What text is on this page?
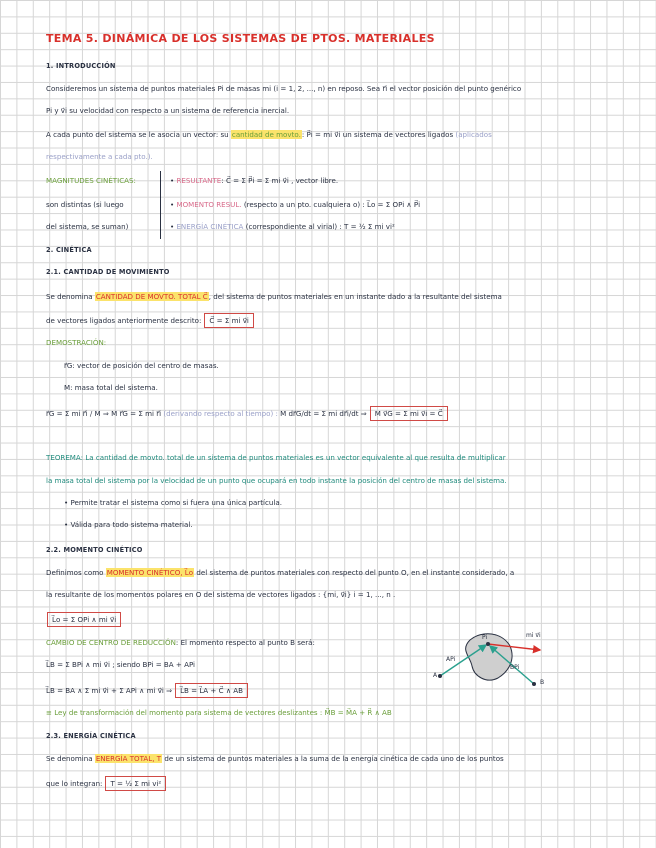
TEMA 5. DINÁMICA DE LOS SISTEMAS DE PTOS. MATERIALES
1. INTRODUCCIÓN
Consideremos un sistema de puntos materiales Pi de masas mi (i = 1, 2, ..., n) en reposo. Sea r⃗i el vector posición del punto genérico
Pi y v⃗i su velocidad con respecto a un sistema de referencia inercial.
A cada punto del sistema se le asocia un vector: su cantidad de movto.: P⃗i = mi v⃗i un sistema de vectores ligados (aplicados
respectivamente a cada pto.).
MAGNITUDES CINÉTICAS:
son distintas (si luego
del sistema, se suman)
• RESULTANTE: C⃗ = Σ P⃗i = Σ mi v⃗i , vector libre.
• MOMENTO RESUL. (respecto a un pto. cualquiera o) : L⃗o = Σ OPi ∧ P⃗i
• ENERGÍA CINÉTICA (correspondiente al virial) : T = ½ Σ mi vi²
2. CINÉTICA
2.1. CANTIDAD DE MOVIMIENTO
Se denomina CANTIDAD DE MOVTO. TOTAL C⃗, del sistema de puntos materiales en un instante dado a la resultante del sistema
de vectores ligados anteriormente descrito: C⃗ = Σ mi v⃗i
DEMOSTRACIÓN:
r⃗G: vector de posición del centro de masas.
M: masa total del sistema.
r⃗G = Σ mi r⃗i / M ⇒ M r⃗G = Σ mi r⃗i (derivando respecto al tiempo) : M dr⃗G/dt = Σ mi dr⃗i/dt ⇒ M v⃗G = Σ mi v⃗i = C⃗
TEOREMA: La cantidad de movto. total de un sistema de puntos materiales es un vector equivalente al que resulta de multiplicar
la masa total del sistema por la velocidad de un punto que ocupará en todo instante la posición del centro de masas del sistema.
• Permite tratar el sistema como si fuera una única partícula.
• Válida para todo sistema material.
2.2. MOMENTO CINÉTICO
Definimos como MOMENTO CINÉTICO, L⃗o del sistema de puntos materiales con respecto del punto O, en el instante considerado, a
la resultante de los momentos polares en O del sistema de vectores ligados : {mi, v⃗i} i = 1, ..., n .
L⃗o = Σ OPi ∧ mi v⃗i
CAMBIO DE CENTRO DE REDUCCIÓN: El momento respecto al punto B será:
L⃗B = Σ BPi ∧ mi v⃗i ; siendo BPi = BA + APi
L⃗B = BA ∧ Σ mi v⃗i + Σ APi ∧ mi v⃗i ⇒ L⃗B = L⃗A + C⃗ ∧ AB
≡ Ley de transformación del momento para sistema de vectores deslizantes : M⃗B = M⃗A + R⃗ ∧ AB
Pi
A
B
mi v⃗i
APi
BPi
2.3. ENERGÍA CINÉTICA
Se denomina ENERGÍA TOTAL, T de un sistema de puntos materiales a la suma de la energía cinética de cada uno de los puntos
que lo integran: T = ½ Σ mi vi²
